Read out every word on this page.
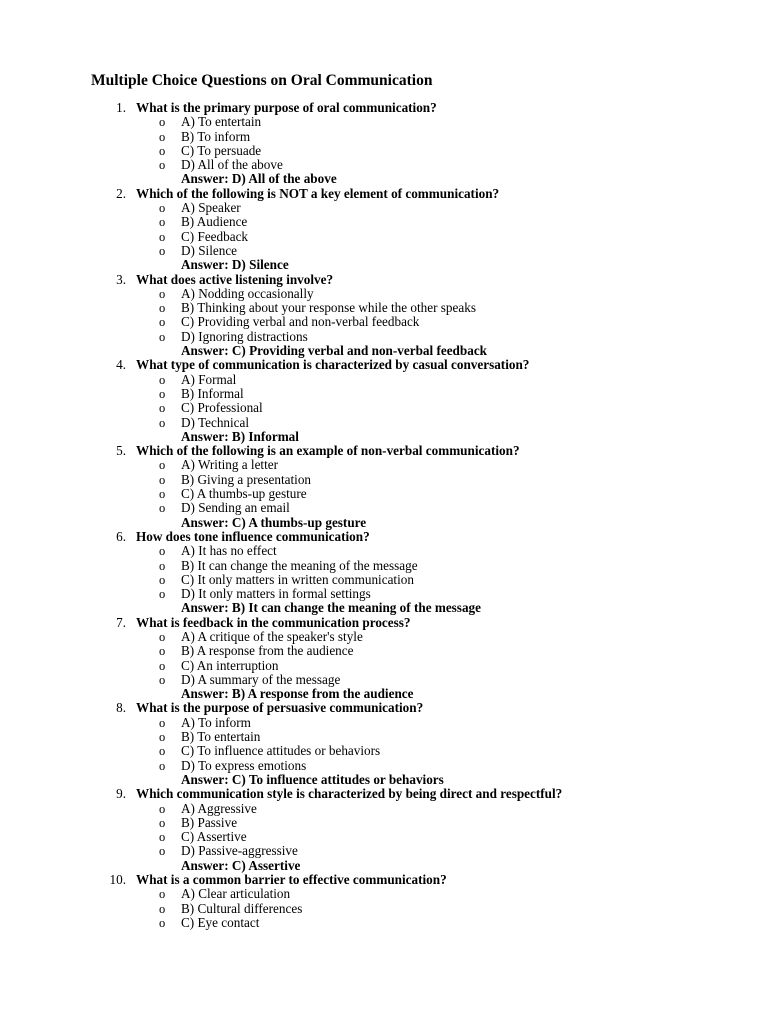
Multiple Choice Questions on Oral Communication
1. What is the primary purpose of oral communication?
o A) To entertain
o B) To inform
o C) To persuade
o D) All of the above
Answer: D) All of the above
2. Which of the following is NOT a key element of communication?
o A) Speaker
o B) Audience
o C) Feedback
o D) Silence
Answer: D) Silence
3. What does active listening involve?
o A) Nodding occasionally
o B) Thinking about your response while the other speaks
o C) Providing verbal and non-verbal feedback
o D) Ignoring distractions
Answer: C) Providing verbal and non-verbal feedback
4. What type of communication is characterized by casual conversation?
o A) Formal
o B) Informal
o C) Professional
o D) Technical
Answer: B) Informal
5. Which of the following is an example of non-verbal communication?
o A) Writing a letter
o B) Giving a presentation
o C) A thumbs-up gesture
o D) Sending an email
Answer: C) A thumbs-up gesture
6. How does tone influence communication?
o A) It has no effect
o B) It can change the meaning of the message
o C) It only matters in written communication
o D) It only matters in formal settings
Answer: B) It can change the meaning of the message
7. What is feedback in the communication process?
o A) A critique of the speaker's style
o B) A response from the audience
o C) An interruption
o D) A summary of the message
Answer: B) A response from the audience
8. What is the purpose of persuasive communication?
o A) To inform
o B) To entertain
o C) To influence attitudes or behaviors
o D) To express emotions
Answer: C) To influence attitudes or behaviors
9. Which communication style is characterized by being direct and respectful?
o A) Aggressive
o B) Passive
o C) Assertive
o D) Passive-aggressive
Answer: C) Assertive
10. What is a common barrier to effective communication?
o A) Clear articulation
o B) Cultural differences
o C) Eye contact
